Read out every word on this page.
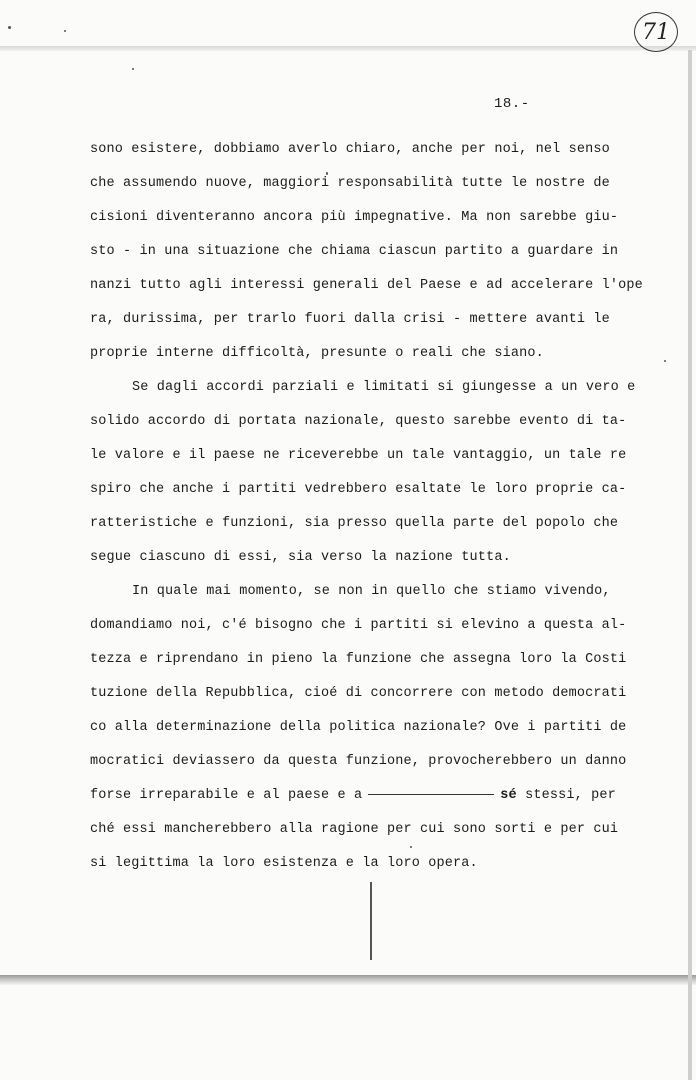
71
18.-
sono esistere, dobbiamo averlo chiaro, anche per noi, nel senso
che assumendo nuove, maggiori responsabilità tutte le nostre de
cisioni diventeranno ancora più impegnative. Ma non sarebbe giu-
sto - in una situazione che chiama ciascun partito a guardare in
nanzi tutto agli interessi generali del Paese e ad accelerare l'ope
ra, durissima, per trarlo fuori dalla crisi - mettere avanti le
proprie interne difficoltà, presunte o reali che siano.
Se dagli accordi parziali e limitati si giungesse a un vero e
solido accordo di portata nazionale, questo sarebbe evento di ta-
le valore e il paese ne riceverebbe un tale vantaggio, un tale re
spiro che anche i partiti vedrebbero esaltate le loro proprie ca-
ratteristiche e funzioni, sia presso quella parte del popolo che
segue ciascuno di essi, sia verso la nazione tutta.
In quale mai momento, se non in quello che stiamo vivendo,
domandiamo noi, c'é bisogno che i partiti si elevino a questa al-
tezza e riprendano in pieno la funzione che assegna loro la Costi
tuzione della Repubblica, cioé di concorrere con metodo democrati
co alla determinazione della politica nazionale? Ove i partiti de
mocratici deviassero da questa funzione, provocherebbero un danno
forse irreparabile e al paese e a	sé stessi, per
ché essi mancherebbero alla ragione per cui sono sorti e per cui
si legittima la loro esistenza e la loro opera.
